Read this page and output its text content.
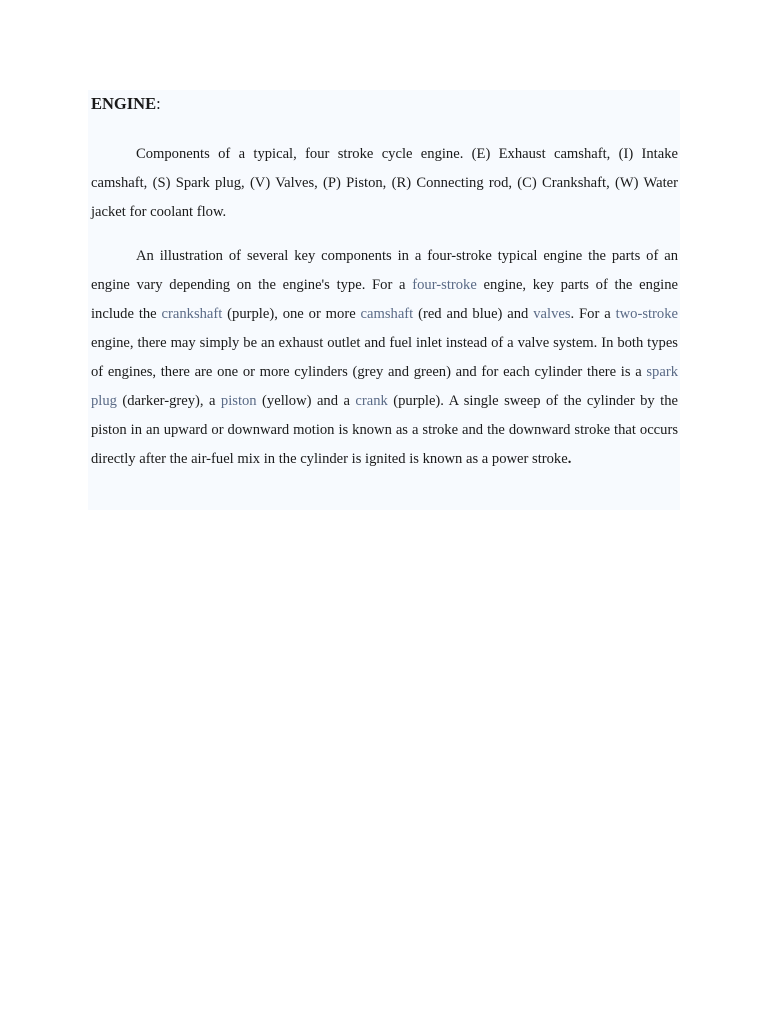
ENGINE:

Components of a typical, four stroke cycle engine. (E) Exhaust camshaft, (I) Intake camshaft, (S) Spark plug, (V) Valves, (P) Piston, (R) Connecting rod, (C) Crankshaft, (W) Water jacket for coolant flow.

An illustration of several key components in a four-stroke typical engine the parts of an engine vary depending on the engine's type. For a four-stroke engine, key parts of the engine include the crankshaft (purple), one or more camshaft (red and blue) and valves. For a two-stroke engine, there may simply be an exhaust outlet and fuel inlet instead of a valve system. In both types of engines, there are one or more cylinders (grey and green) and for each cylinder there is a spark plug (darker-grey), a piston (yellow) and a crank (purple). A single sweep of the cylinder by the piston in an upward or downward motion is known as a stroke and the downward stroke that occurs directly after the air-fuel mix in the cylinder is ignited is known as a power stroke.
